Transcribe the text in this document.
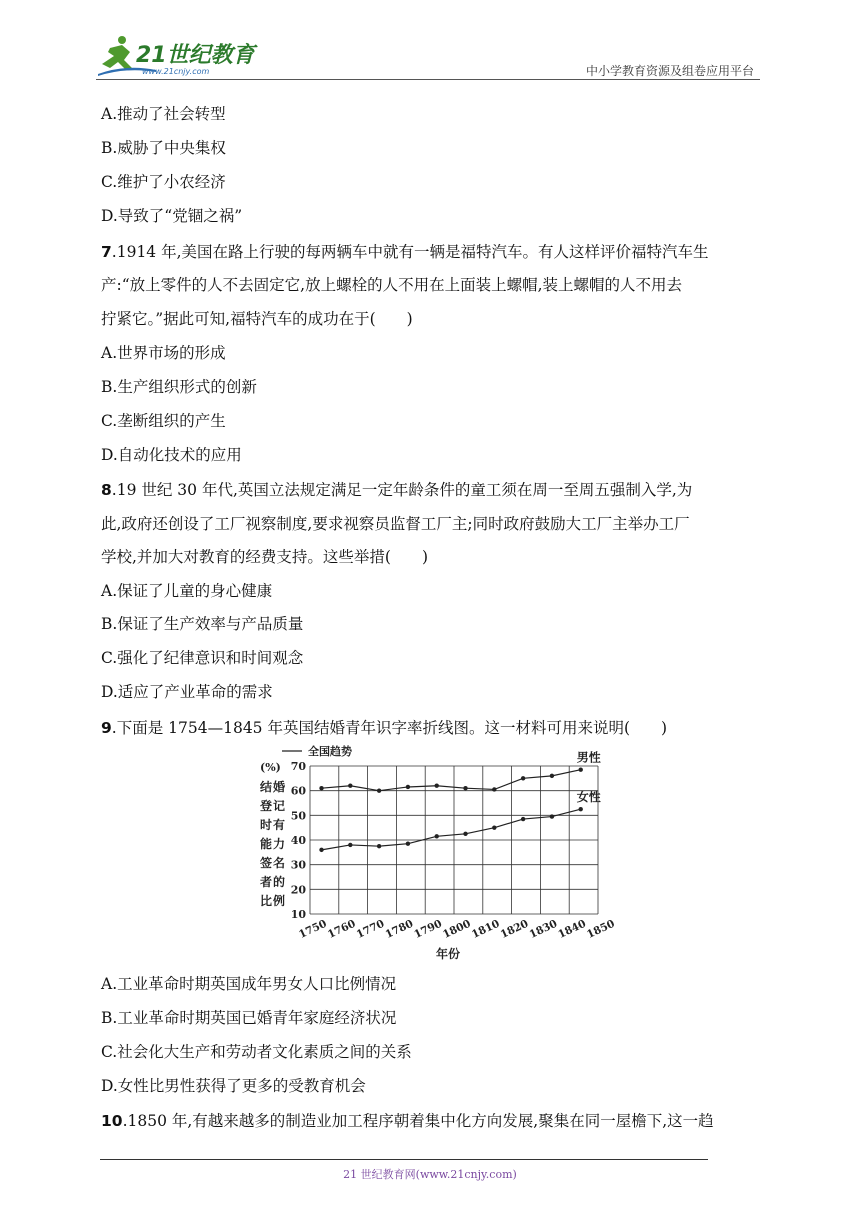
21世纪教育
www.21cnjy.com	中小学教育资源及组卷应用平台
A.推动了社会转型
B.威胁了中央集权
C.维护了小农经济
D.导致了“党锢之祸”
7.1914 年,美国在路上行驶的每两辆车中就有一辆是福特汽车。有人这样评价福特汽车生
产:“放上零件的人不去固定它,放上螺栓的人不用在上面装上螺帽,装上螺帽的人不用去
拧紧它。”据此可知,福特汽车的成功在于(　　)
A.世界市场的形成
B.生产组织形式的创新
C.垄断组织的产生
D.自动化技术的应用
8.19 世纪 30 年代,英国立法规定满足一定年龄条件的童工须在周一至周五强制入学,为
此,政府还创设了工厂视察制度,要求视察员监督工厂主;同时政府鼓励大工厂主举办工厂
学校,并加大对教育的经费支持。这些举措(　　)
A.保证了儿童的身心健康
B.保证了生产效率与产品质量
C.强化了纪律意识和时间观念
D.适应了产业革命的需求
9.下面是 1754—1845 年英国结婚青年识字率折线图。这一材料可用来说明(　　)
A.工业革命时期英国成年男女人口比例情况
B.工业革命时期英国已婚青年家庭经济状况
C.社会化大生产和劳动者文化素质之间的关系
D.女性比男性获得了更多的受教育机会
10.1850 年,有越来越多的制造业加工程序朝着集中化方向发展,聚集在同一屋檐下,这一趋
全国趋势
(%)
结 婚
登 记
时 有
能 力
签 名
者 的
比 例
10
20
30
40
50
60
70
1750
1760
1770
1780
1790
1800
1810
1820
1830
1840
1850
男性
女性
年份
21 世纪教育网(www.21cnjy.com)
